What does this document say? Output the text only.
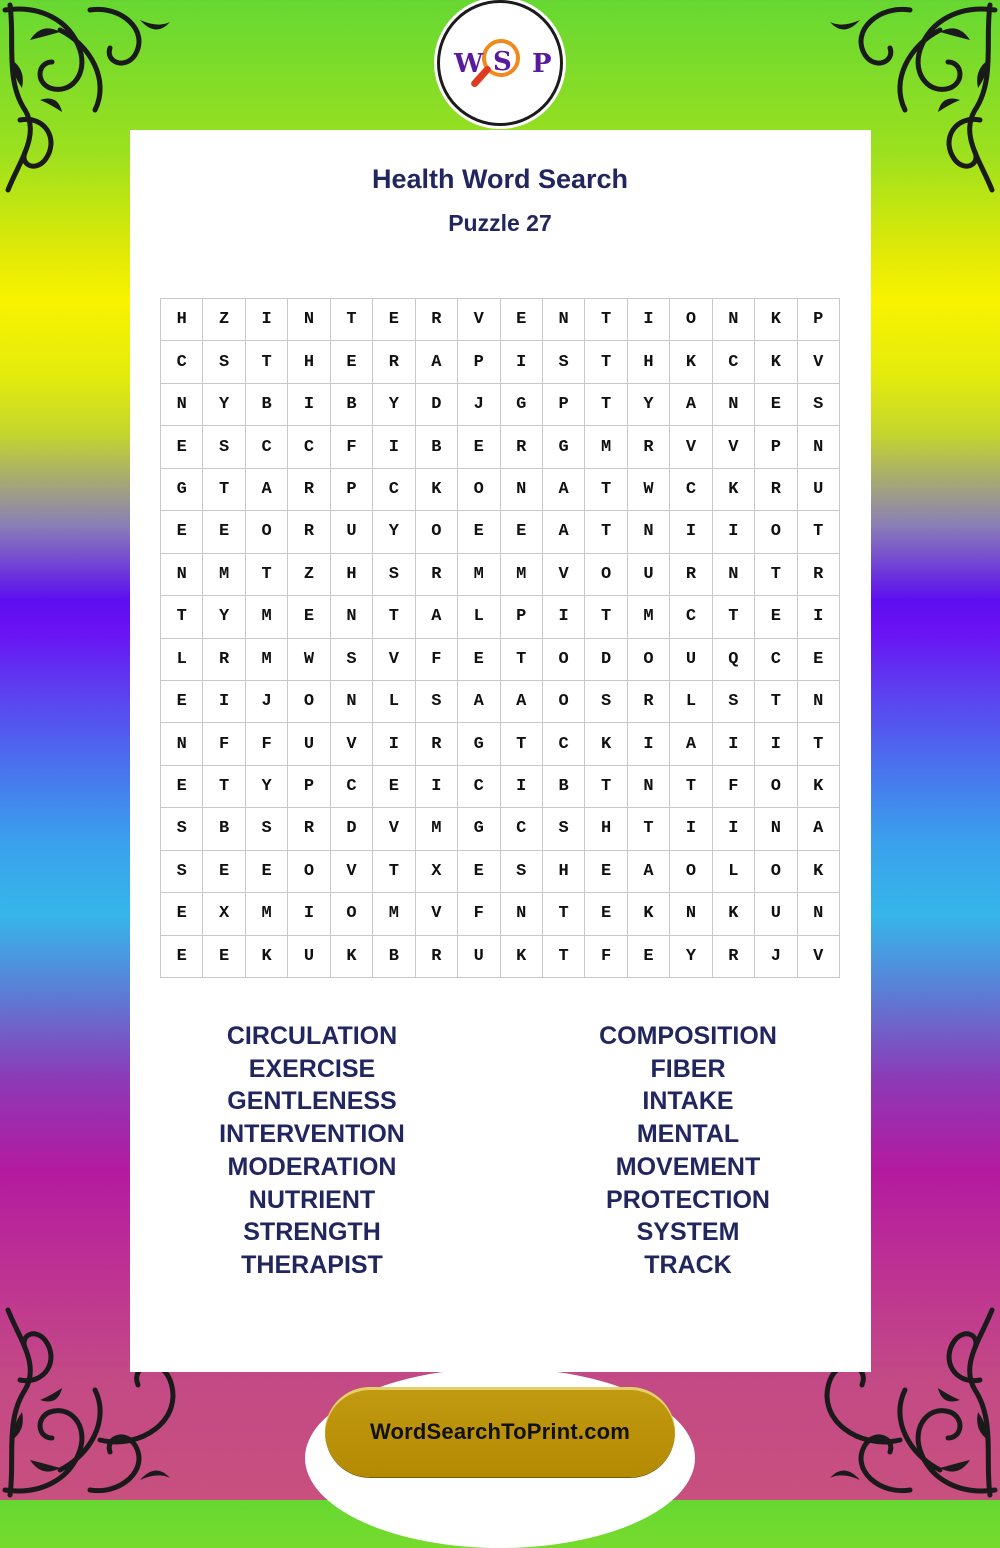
W S P
Health Word Search
Puzzle 27
H	Z	I	N	T	E	R	V	E	N	T	I	O	N	K	P
C	S	T	H	E	R	A	P	I	S	T	H	K	C	K	V
N	Y	B	I	B	Y	D	J	G	P	T	Y	A	N	E	S
E	S	C	C	F	I	B	E	R	G	M	R	V	V	P	N
G	T	A	R	P	C	K	O	N	A	T	W	C	K	R	U
E	E	O	R	U	Y	O	E	E	A	T	N	I	I	O	T
N	M	T	Z	H	S	R	M	M	V	O	U	R	N	T	R
T	Y	M	E	N	T	A	L	P	I	T	M	C	T	E	I
L	R	M	W	S	V	F	E	T	O	D	O	U	Q	C	E
E	I	J	O	N	L	S	A	A	O	S	R	L	S	T	N
N	F	F	U	V	I	R	G	T	C	K	I	A	I	I	T
E	T	Y	P	C	E	I	C	I	B	T	N	T	F	O	K
S	B	S	R	D	V	M	G	C	S	H	T	I	I	N	A
S	E	E	O	V	T	X	E	S	H	E	A	O	L	O	K
E	X	M	I	O	M	V	F	N	T	E	K	N	K	U	N
E	E	K	U	K	B	R	U	K	T	F	E	Y	R	J	V
CIRCULATION
EXERCISE
GENTLENESS
INTERVENTION
MODERATION
NUTRIENT
STRENGTH
THERAPIST
COMPOSITION
FIBER
INTAKE
MENTAL
MOVEMENT
PROTECTION
SYSTEM
TRACK
WordSearchToPrint.com
